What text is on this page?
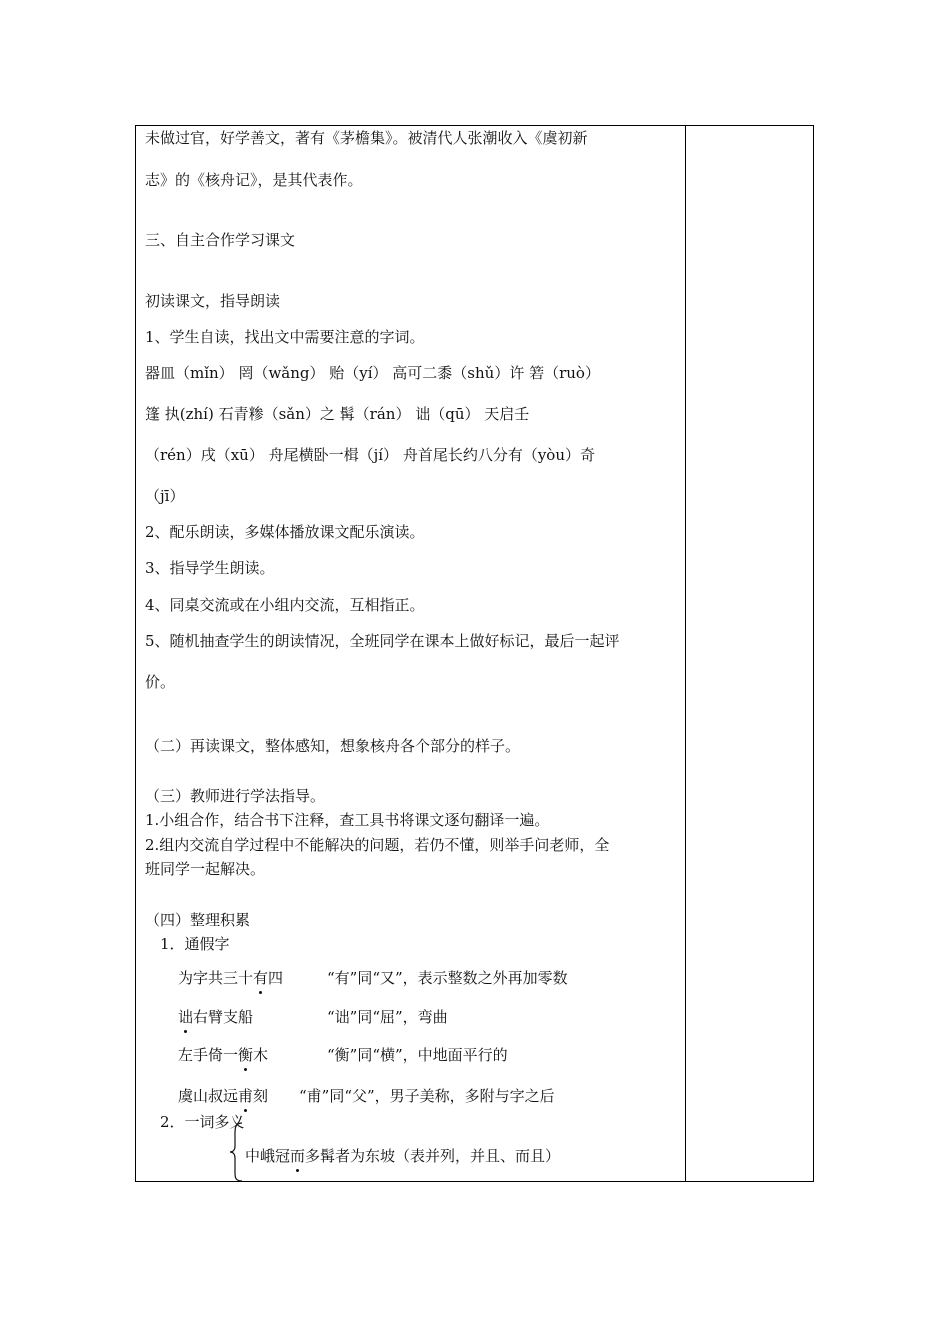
未做过官，好学善文，著有《茅檐集》。被清代人张潮收入《虞初新
志》的《核舟记》，是其代表作。
三、自主合作学习课文
初读课文，指导朗读
1、学生自读，找出文中需要注意的字词。
器皿（mǐn） 罔（wǎng） 贻（yí） 高可二黍（shǔ）许 箬（ruò）
篷 执(zhí) 石青糁（sǎn）之 髯（rán） 诎（qū） 天启壬
（rén）戌（xū） 舟尾横卧一楫（jí） 舟首尾长约八分有（yòu）奇
（jī）
2、配乐朗读，多媒体播放课文配乐演读。
3、指导学生朗读。
4、同桌交流或在小组内交流，互相指正。
5、随机抽查学生的朗读情况，全班同学在课本上做好标记，最后一起评
价。
（二）再读课文，整体感知，想象核舟各个部分的样子。
（三）教师进行学法指导。
1.小组合作，结合书下注释，查工具书将课文逐句翻译一遍。
2.组内交流自学过程中不能解决的问题，若仍不懂，则举手问老师，全
班同学一起解决。
（四）整理积累
1．通假字
为字共三十有四	“有”同“又”，表示整数之外再加零数
诎右臂支船	“诎”同“屈”，弯曲
左手倚一衡木	“衡”同“横”，中地面平行的
虞山叔远甫刻 “甫”同“父”，男子美称，多附与字之后
2．一词多义
中峨冠而多髯者为东坡（表并列，并且、而且）
